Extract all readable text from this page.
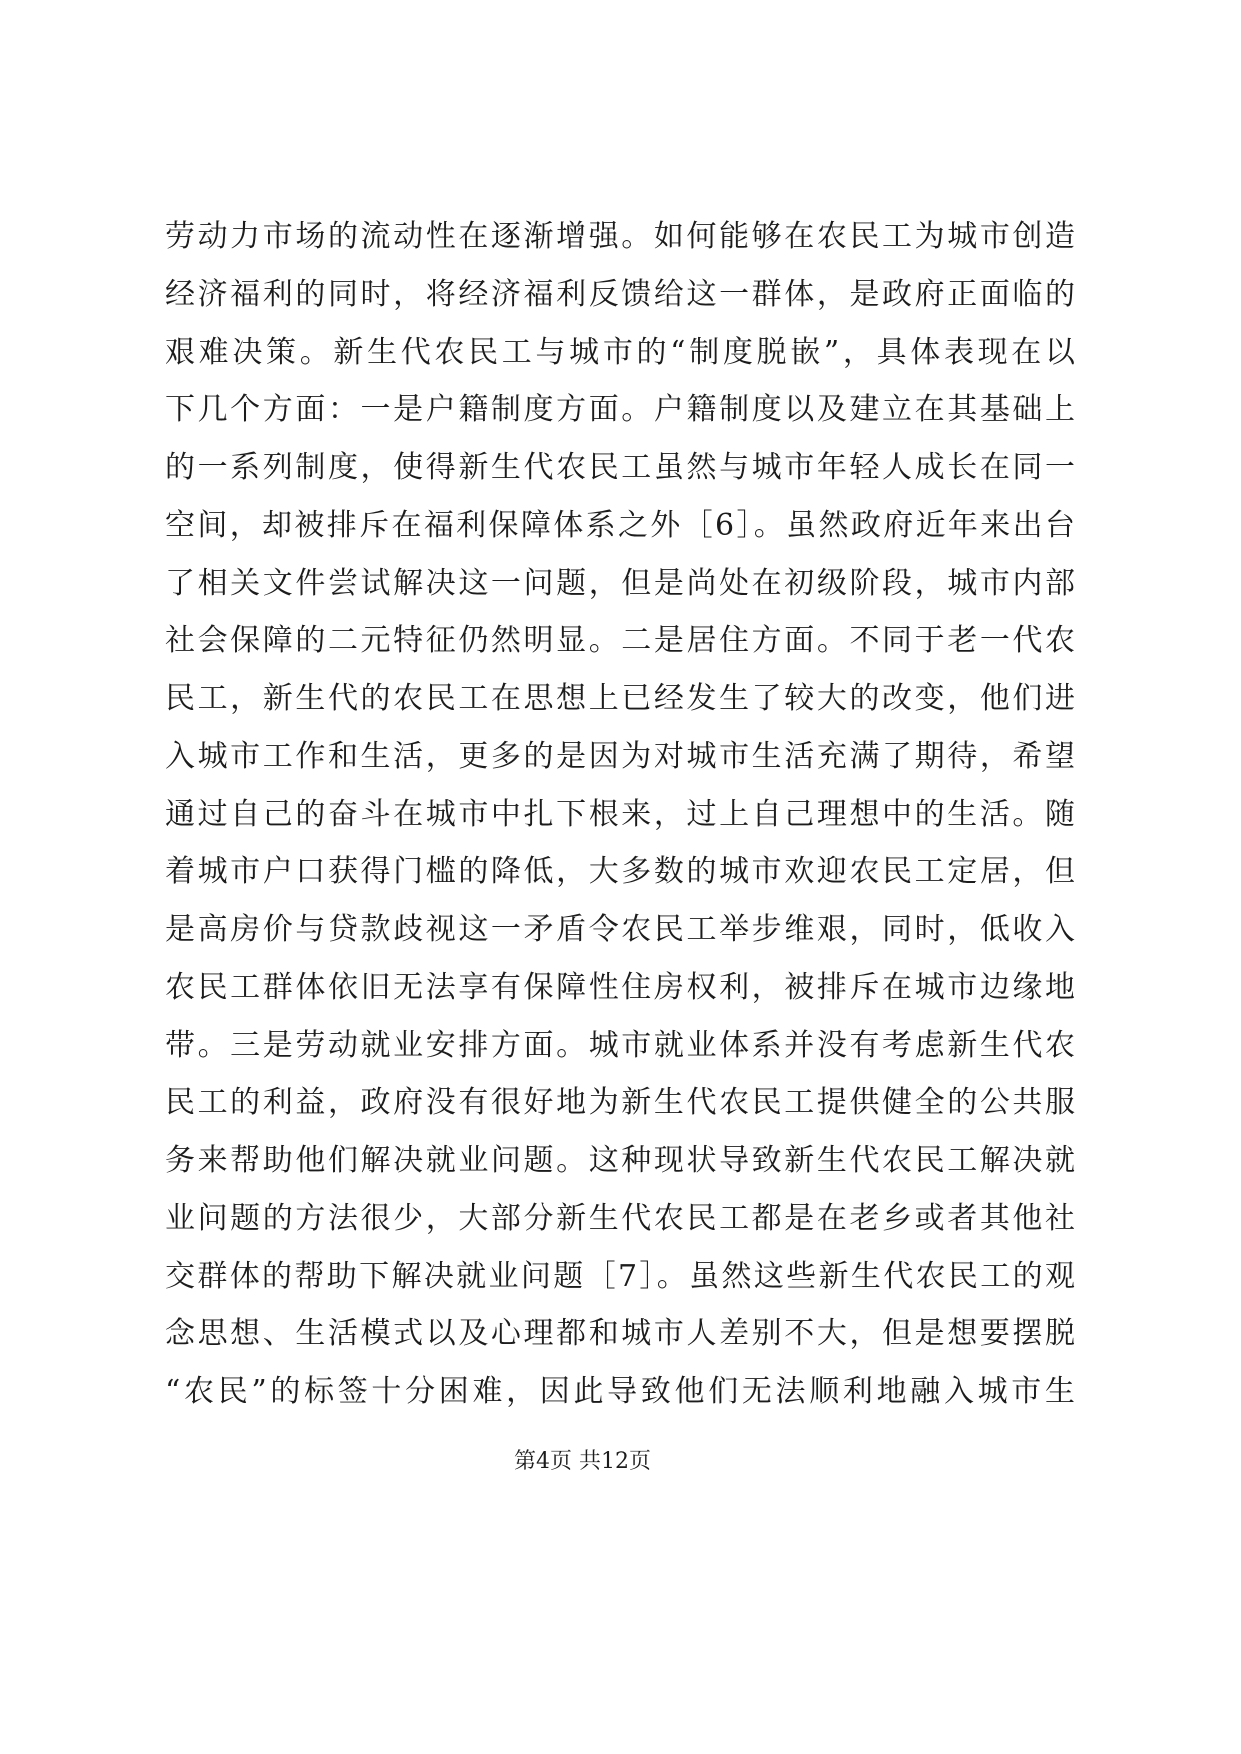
劳动力市场的流动性在逐渐增强。如何能够在农民工为城市创造
经济福利的同时，将经济福利反馈给这一群体，是政府正面临的
艰难决策。新生代农民工与城市的“制度脱嵌”，具体表现在以
下几个方面：一是户籍制度方面。户籍制度以及建立在其基础上
的一系列制度，使得新生代农民工虽然与城市年轻人成长在同一
空间，却被排斥在福利保障体系之外［6］。虽然政府近年来出台
了相关文件尝试解决这一问题，但是尚处在初级阶段，城市内部
社会保障的二元特征仍然明显。二是居住方面。不同于老一代农
民工，新生代的农民工在思想上已经发生了较大的改变，他们进
入城市工作和生活，更多的是因为对城市生活充满了期待，希望
通过自己的奋斗在城市中扎下根来，过上自己理想中的生活。随
着城市户口获得门槛的降低，大多数的城市欢迎农民工定居，但
是高房价与贷款歧视这一矛盾令农民工举步维艰，同时，低收入
农民工群体依旧无法享有保障性住房权利，被排斥在城市边缘地
带。三是劳动就业安排方面。城市就业体系并没有考虑新生代农
民工的利益，政府没有很好地为新生代农民工提供健全的公共服
务来帮助他们解决就业问题。这种现状导致新生代农民工解决就
业问题的方法很少，大部分新生代农民工都是在老乡或者其他社
交群体的帮助下解决就业问题［7］。虽然这些新生代农民工的观
念思想、生活模式以及心理都和城市人差别不大，但是想要摆脱
“农民”的标签十分困难，因此导致他们无法顺利地融入城市生
第4页 共12页
